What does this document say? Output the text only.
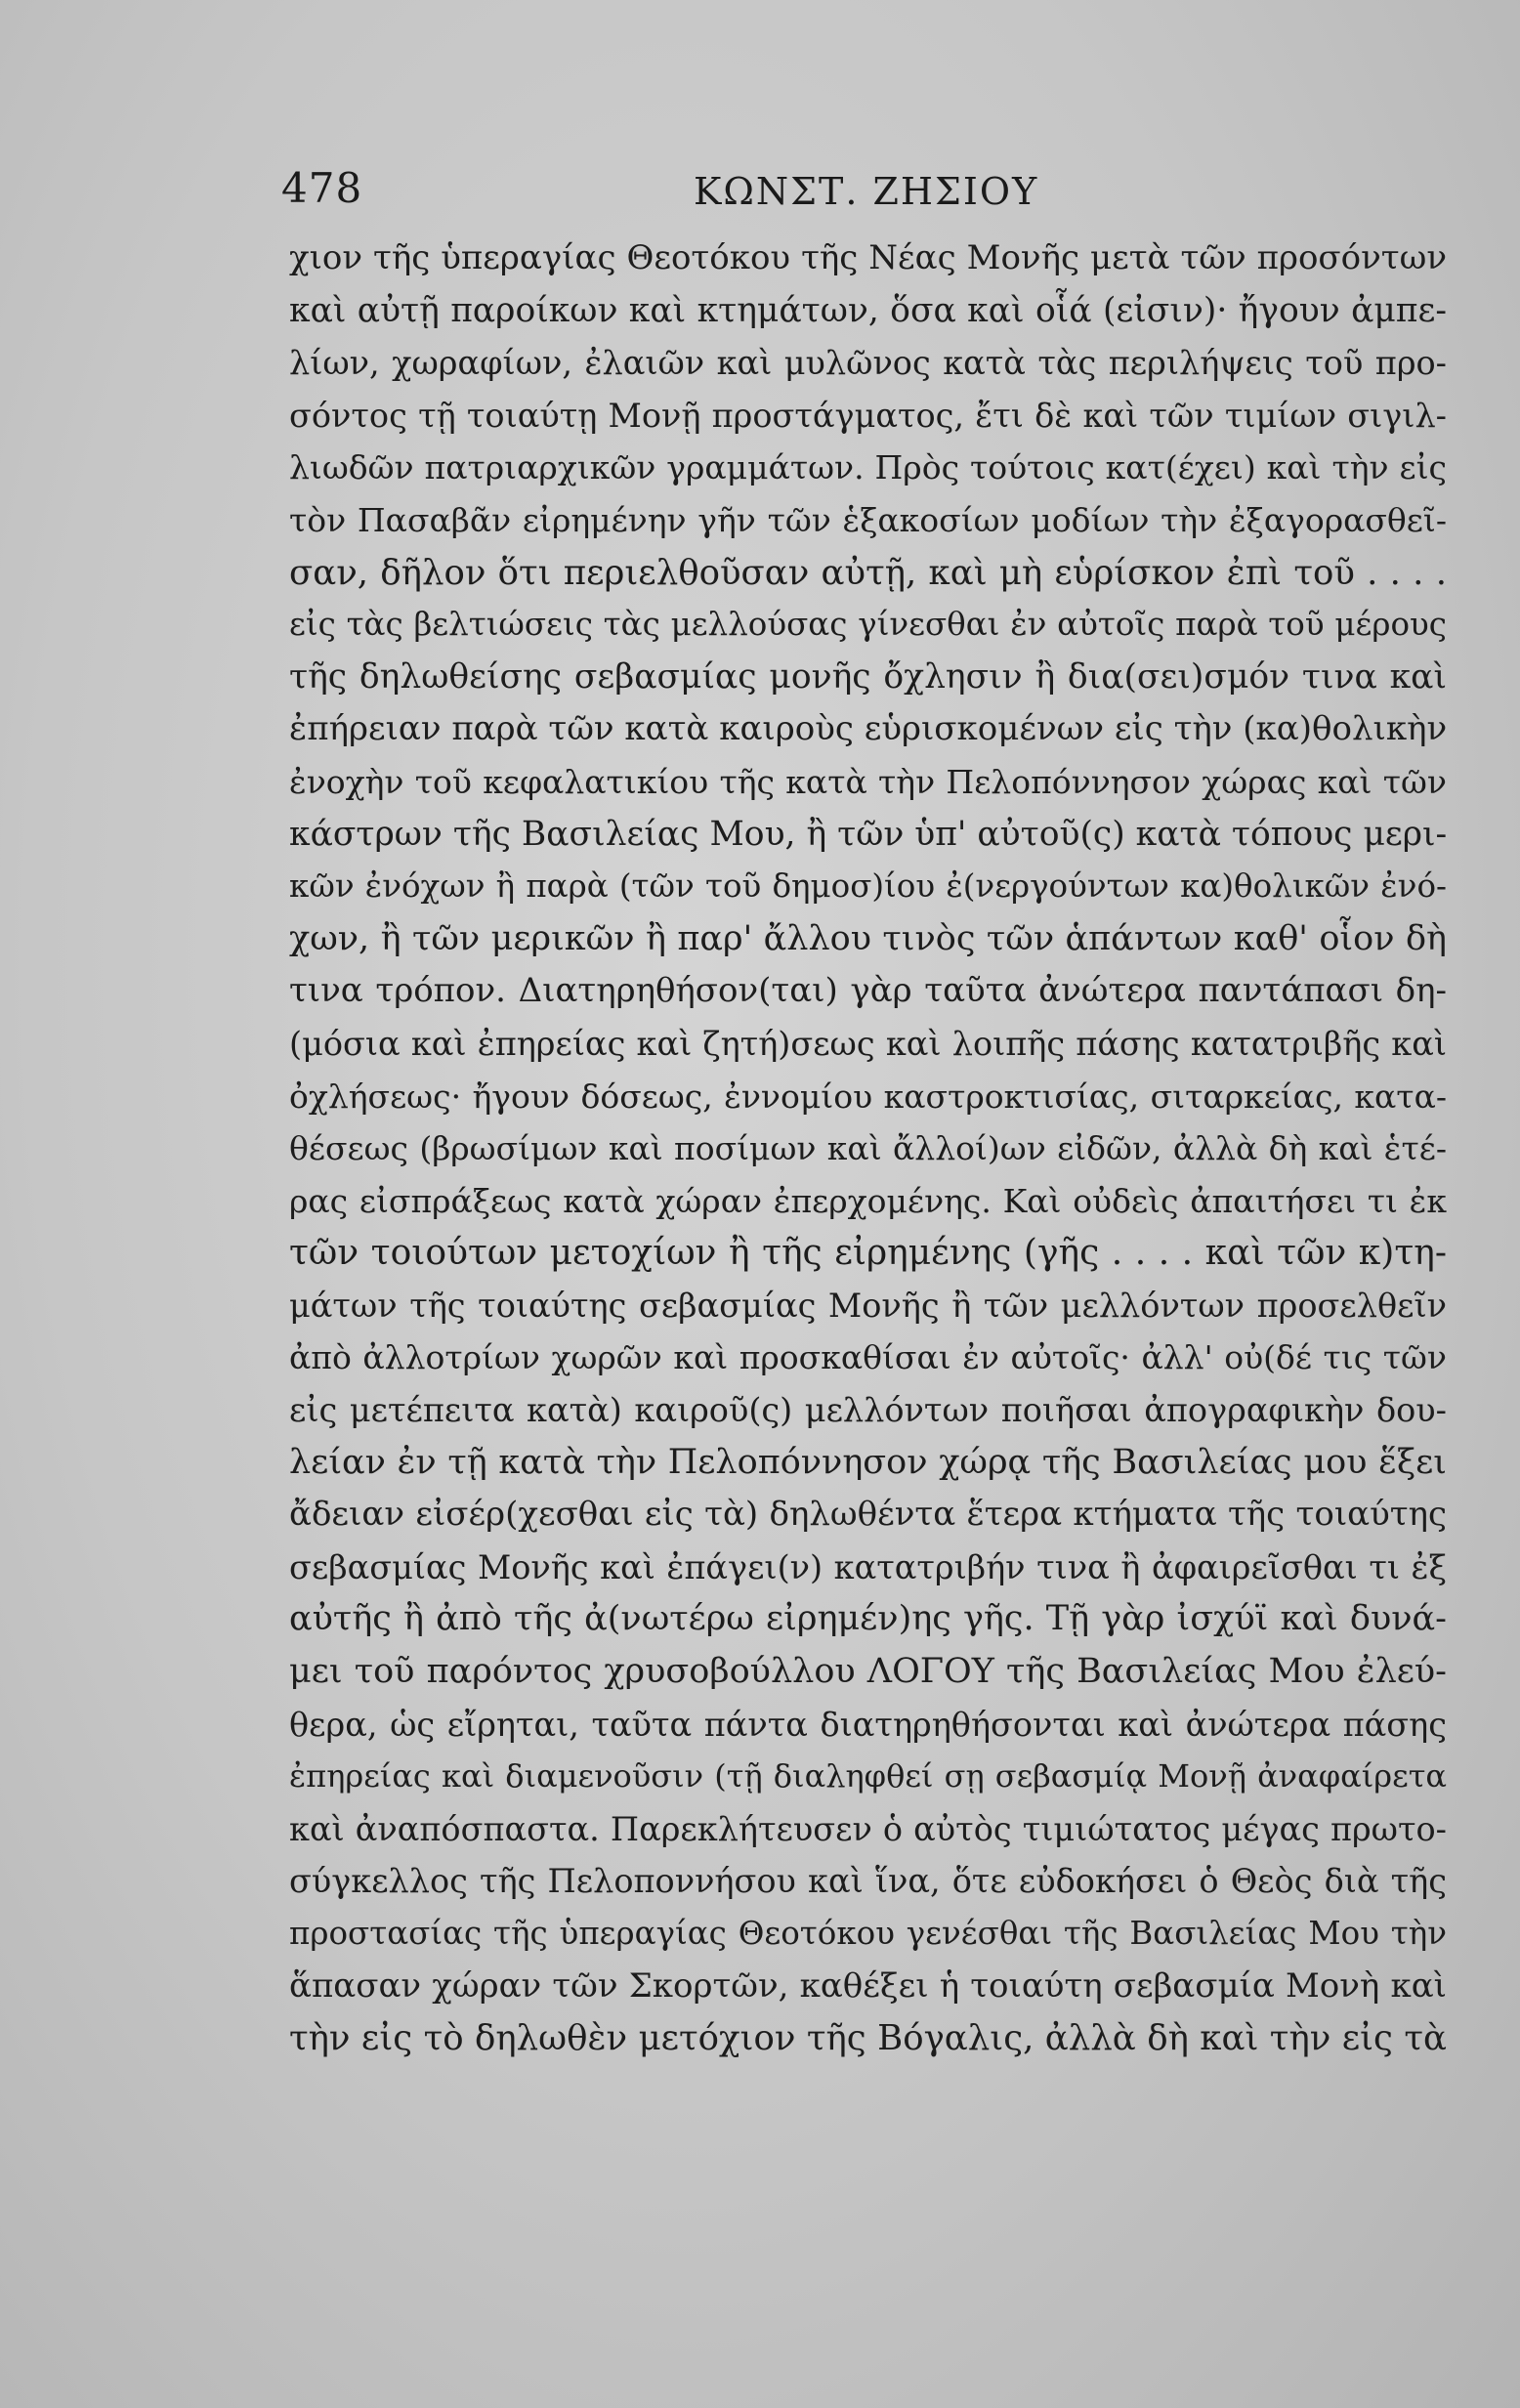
478	ΚΩΝΣΤ. ΖΗΣΙΟΥ
χιον τῆς ὑπεραγίας Θεοτόκου τῆς Νέας Μονῆς μετὰ τῶν προσόντων
καὶ αὐτῇ παροίκων καὶ κτημάτων, ὅσα καὶ οἷά (εἰσιν)· ἤγουν ἀμπε-
λίων, χωραφίων, ἐλαιῶν καὶ μυλῶνος κατὰ τὰς περιλήψεις τοῦ προ-
σόντος τῇ τοιαύτῃ Μονῇ προστάγματος, ἔτι δὲ καὶ τῶν τιμίων σιγιλ-
λιωδῶν πατριαρχικῶν γραμμάτων. Πρὸς τούτοις κατ(έχει) καὶ τὴν εἰς
τὸν Πασαβᾶν εἰρημένην γῆν τῶν ἑξακοσίων μοδίων τὴν ἐξαγορασθεῖ-
σαν, δῆλον ὅτι περιελθοῦσαν αὐτῇ, καὶ μὴ εὑρίσκον ἐπὶ τοῦ . . . .
εἰς τὰς βελτιώσεις τὰς μελλούσας γίνεσθαι ἐν αὐτοῖς παρὰ τοῦ μέρους
τῆς δηλωθείσης σεβασμίας μονῆς ὄχλησιν ἢ δια(σει)σμόν τινα καὶ
ἐπήρειαν παρὰ τῶν κατὰ καιροὺς εὑρισκομένων εἰς τὴν (κα)θολικὴν
ἐνοχὴν τοῦ κεφαλατικίου τῆς κατὰ τὴν Πελοπόννησον χώρας καὶ τῶν
κάστρων τῆς Βασιλείας Μου, ἢ τῶν ὑπ' αὐτοῦ(ς) κατὰ τόπους μερι-
κῶν ἐνόχων ἢ παρὰ (τῶν τοῦ δημοσ)ίου ἐ(νεργούντων κα)θολικῶν ἐνό-
χων, ἢ τῶν μερικῶν ἢ παρ' ἄλλου τινὸς τῶν ἁπάντων καθ' οἷον δὴ
τινα τρόπον. Διατηρηθήσον(ται) γὰρ ταῦτα ἀνώτερα παντάπασι δη-
(μόσια καὶ ἐπηρείας καὶ ζητή)σεως καὶ λοιπῆς πάσης κατατριβῆς καὶ
ὀχλήσεως· ἤγουν δόσεως, ἐννομίου καστροκτισίας, σιταρκείας, κατα-
θέσεως (βρωσίμων καὶ ποσίμων καὶ ἄλλοί)ων εἰδῶν, ἀλλὰ δὴ καὶ ἑτέ-
ρας εἰσπράξεως κατὰ χώραν ἐπερχομένης. Καὶ οὐδεὶς ἀπαιτήσει τι ἐκ
τῶν τοιούτων μετοχίων ἢ τῆς εἰρημένης (γῆς . . . . καὶ τῶν κ)τη-
μάτων τῆς τοιαύτης σεβασμίας Μονῆς ἢ τῶν μελλόντων προσελθεῖν
ἀπὸ ἀλλοτρίων χωρῶν καὶ προσκαθίσαι ἐν αὐτοῖς· ἀλλ' οὐ(δέ τις τῶν
εἰς μετέπειτα κατὰ) καιροῦ(ς) μελλόντων ποιῆσαι ἀπογραφικὴν δου-
λείαν ἐν τῇ κατὰ τὴν Πελοπόννησον χώρᾳ τῆς Βασιλείας μου ἕξει
ἄδειαν εἰσέρ(χεσθαι εἰς τὰ) δηλωθέντα ἕτερα κτήματα τῆς τοιαύτης
σεβασμίας Μονῆς καὶ ἐπάγει(ν) κατατριβήν τινα ἢ ἀφαιρεῖσθαι τι ἐξ
αὐτῆς ἢ ἀπὸ τῆς ἀ(νωτέρω εἰρημέν)ης γῆς. Τῇ γὰρ ἰσχύϊ καὶ δυνά-
μει τοῦ παρόντος χρυσοβούλλου ΛΟΓΟΥ τῆς Βασιλείας Μου ἐλεύ-
θερα, ὡς εἴρηται, ταῦτα πάντα διατηρηθήσονται καὶ ἀνώτερα πάσης
ἐπηρείας καὶ διαμενοῦσιν (τῇ διαληφθεί σῃ σεβασμίᾳ Μονῇ ἀναφαίρετα
καὶ ἀναπόσπαστα. Παρεκλήτευσεν ὁ αὐτὸς τιμιώτατος μέγας πρωτο-
σύγκελλος τῆς Πελοποννήσου καὶ ἵνα, ὅτε εὐδοκήσει ὁ Θεὸς διὰ τῆς
προστασίας τῆς ὑπεραγίας Θεοτόκου γενέσθαι τῆς Βασιλείας Μου τὴν
ἅπασαν χώραν τῶν Σκορτῶν, καθέξει ἡ τοιαύτη σεβασμία Μονὴ καὶ
τὴν εἰς τὸ δηλωθὲν μετόχιον τῆς Βόγαλις, ἀλλὰ δὴ καὶ τὴν εἰς τὰ
